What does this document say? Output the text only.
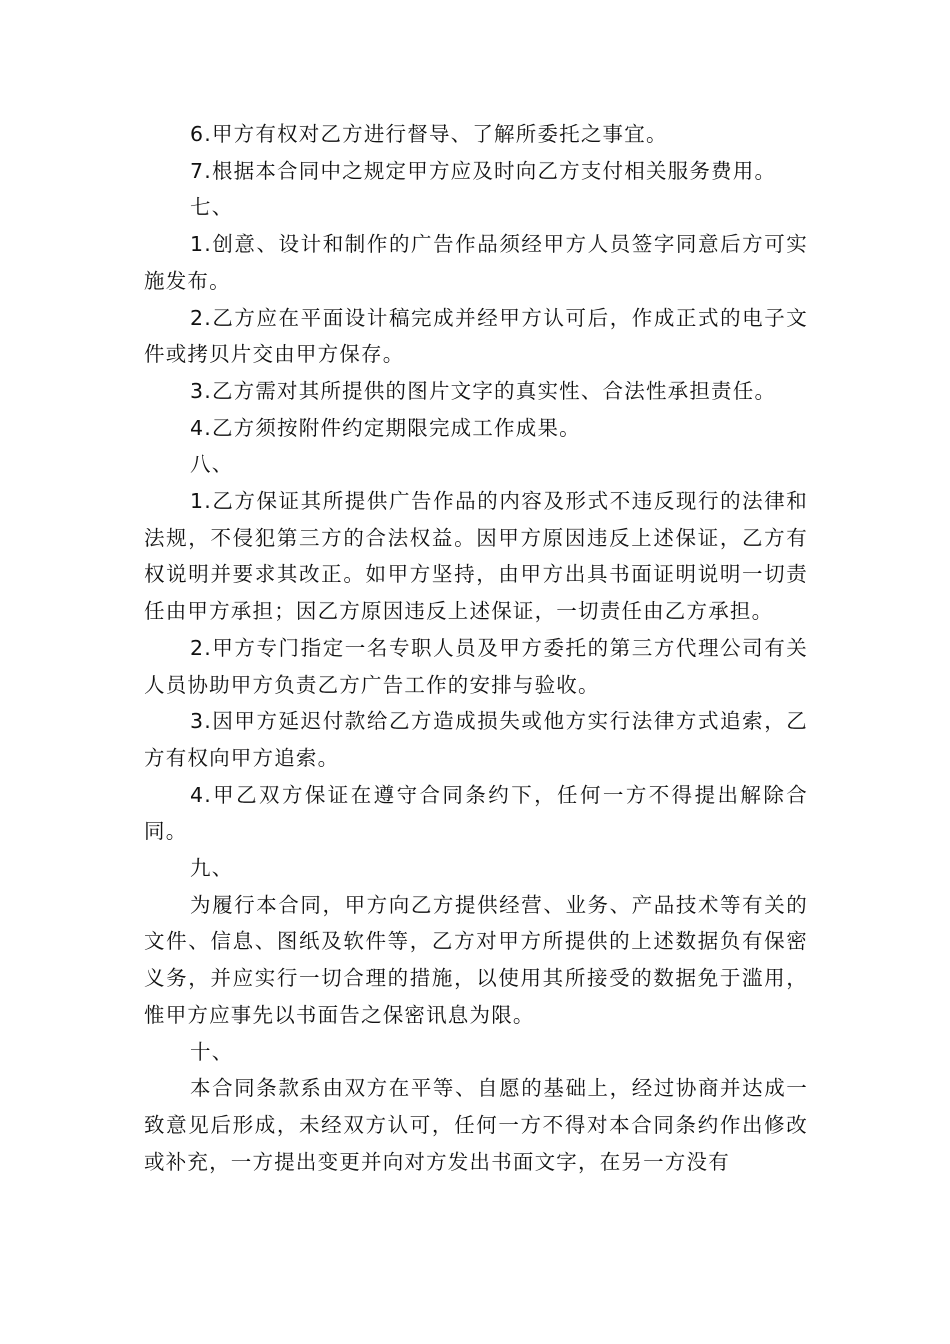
6.甲方有权对乙方进行督导、了解所委托之事宜。

7.根据本合同中之规定甲方应及时向乙方支付相关服务费用。

七、

1.创意、设计和制作的广告作品须经甲方人员签字同意后方可实施发布。

2.乙方应在平面设计稿完成并经甲方认可后，作成正式的电子文件或拷贝片交由甲方保存。

3.乙方需对其所提供的图片文字的真实性、合法性承担责任。

4.乙方须按附件约定期限完成工作成果。

八、

1.乙方保证其所提供广告作品的内容及形式不违反现行的法律和法规，不侵犯第三方的合法权益。因甲方原因违反上述保证，乙方有权说明并要求其改正。如甲方坚持，由甲方出具书面证明说明一切责任由甲方承担；因乙方原因违反上述保证，一切责任由乙方承担。

2.甲方专门指定一名专职人员及甲方委托的第三方代理公司有关人员协助甲方负责乙方广告工作的安排与验收。

3.因甲方延迟付款给乙方造成损失或他方实行法律方式追索，乙方有权向甲方追索。

4.甲乙双方保证在遵守合同条约下，任何一方不得提出解除合同。

九、

为履行本合同，甲方向乙方提供经营、业务、产品技术等有关的文件、信息、图纸及软件等，乙方对甲方所提供的上述数据负有保密义务，并应实行一切合理的措施，以使用其所接受的数据免于滥用，惟甲方应事先以书面告之保密讯息为限。

十、

本合同条款系由双方在平等、自愿的基础上，经过协商并达成一致意见后形成，未经双方认可，任何一方不得对本合同条约作出修改或补充，一方提出变更并向对方发出书面文字，在另一方没有
